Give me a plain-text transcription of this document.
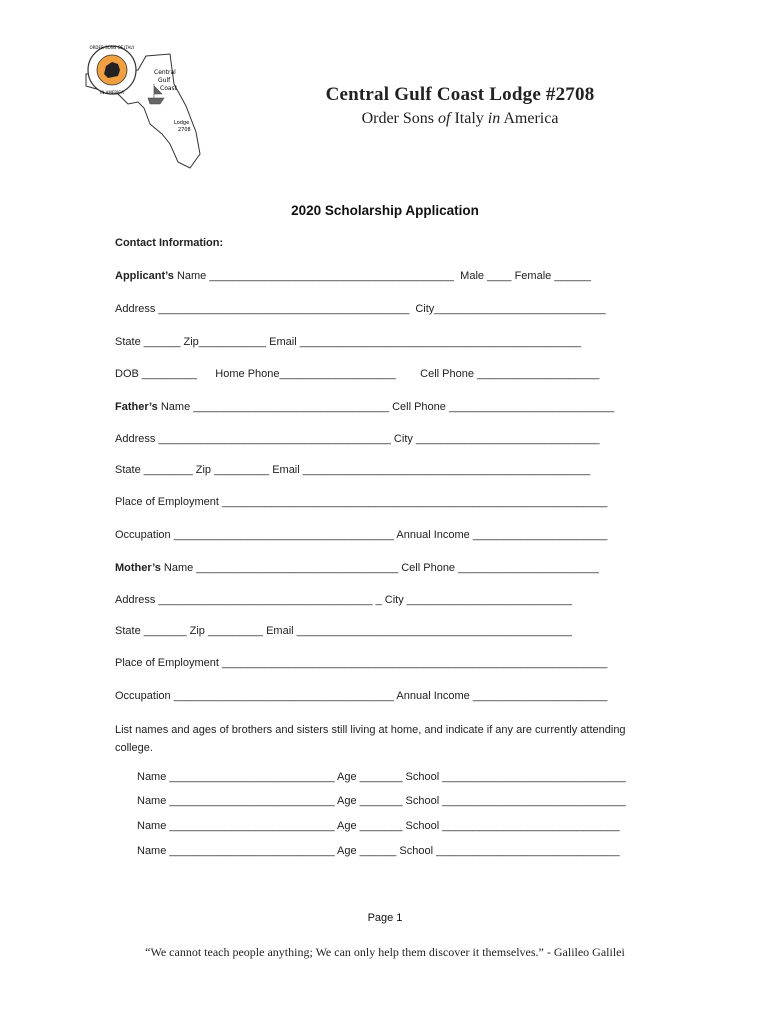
ORDER SONS OF ITALY
IN AMERICA
Central
Gulf
Coast
Lodge
2708
Central Gulf Coast Lodge #2708
Order Sons of Italy in America
2020 Scholarship Application
Contact Information:
Applicant’s Name ________________________________________  Male ____ Female ______
Address _________________________________________  City____________________________
State ______ Zip___________ Email ______________________________________________
DOB _________      Home Phone___________________        Cell Phone ____________________
Father’s Name ________________________________ Cell Phone ___________________________
Address ______________________________________ City ______________________________
State ________ Zip _________ Email _______________________________________________
Place of Employment _______________________________________________________________
Occupation ____________________________________ Annual Income ______________________
Mother’s Name _________________________________ Cell Phone _______________________
Address ___________________________________ _ City ___________________________
State _______ Zip _________ Email _____________________________________________
Place of Employment _______________________________________________________________
Occupation ____________________________________ Annual Income ______________________
List names and ages of brothers and sisters still living at home, and indicate if any are currently attending college.
Name ___________________________ Age _______ School ______________________________
Name ___________________________ Age _______ School ______________________________
Name ___________________________ Age _______ School _____________________________
Name ___________________________ Age ______ School ______________________________
Page 1
“We cannot teach people anything; We can only help them discover it themselves.” - Galileo Galilei
